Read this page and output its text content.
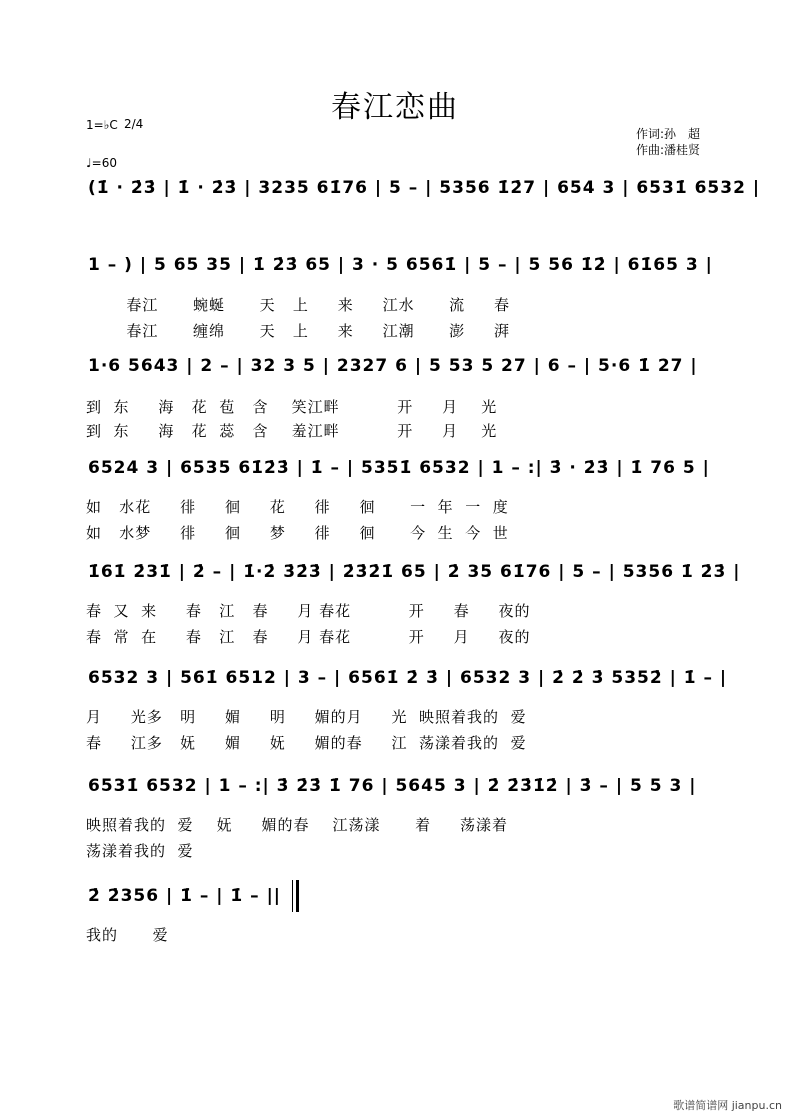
春江恋曲
1=♭C 2/4
♩=60
作词:孙　超
作曲:潘桂贤
(1̇ · 2̇3̇ | 1̇ · 2̇3̇ | 3235 61̇76 | 5 – | 5356 1̇2̇7 | 654 3 | 6531̇ 6532 |
1 – ) | 5 65 35 | 1̇ 2̇3̇ 65 | 3 · 5 6561̇ | 5 – | 5 56 1̇2̇ | 61̇65 3 |
春江      蜿蜒      天   上     来     江水      流     春
春江      缠绵      天   上     来     江潮      澎     湃
1·6 5643 | 2 – | 32 3 5 | 2327 6 | 5 53 5 27 | 6 – | 5·6 1̇ 27 |
到  东     海   花  苞   含    笑江畔          开     月    光
到  东     海   花  蕊   含    羞江畔          开     月    光
6524 3 | 6535 61̇2̇3̇ | 1̇ – | 5351̇ 6532 | 1 – :| 3̇ · 2̇3̇ | 1̇ 76 5 |
如   水花     徘     徊     花     徘     徊      一  年  一  度
如   水梦     徘     徊     梦     徘     徊      今  生  今  世
1̇61̇ 2̇31̇ | 2̇ – | 1̇·2̇ 3̇2̇3̇ | 2̇3̇2̇1̇ 65 | 2̇ 35 61̇76 | 5 – | 5356 1̇ 2̇3̇ |
春  又  来     春   江   春     月 春花          开     春     夜的
春  常  在     春   江   春     月 春花          开     月     夜的
6532 3 | 561̇ 6512 | 3 – | 6561̇ 2̇ 3̇ | 6532 3 | 2̇ 2̇ 3̇ 5352̇ | 1̇ – |
月     光多   明     媚     明     媚的月     光  映照着我的  爱
春     江多   妩     媚     妩     媚的春     江  荡漾着我的  爱
6531̇ 6532 | 1 – :| 3̇ 2̇3̇ 1̇ 76 | 5645 3 | 2̇ 2̇3̇1̇2̇ | 3̇ – | 5 5 3 |
映照着我的  爱    妩     媚的春    江荡漾      着     荡漾着
荡漾着我的  爱
2̇ 2̇356 | 1̇ – | 1̇ – ||
我的      爱
歌谱简谱网 jianpu.cn
